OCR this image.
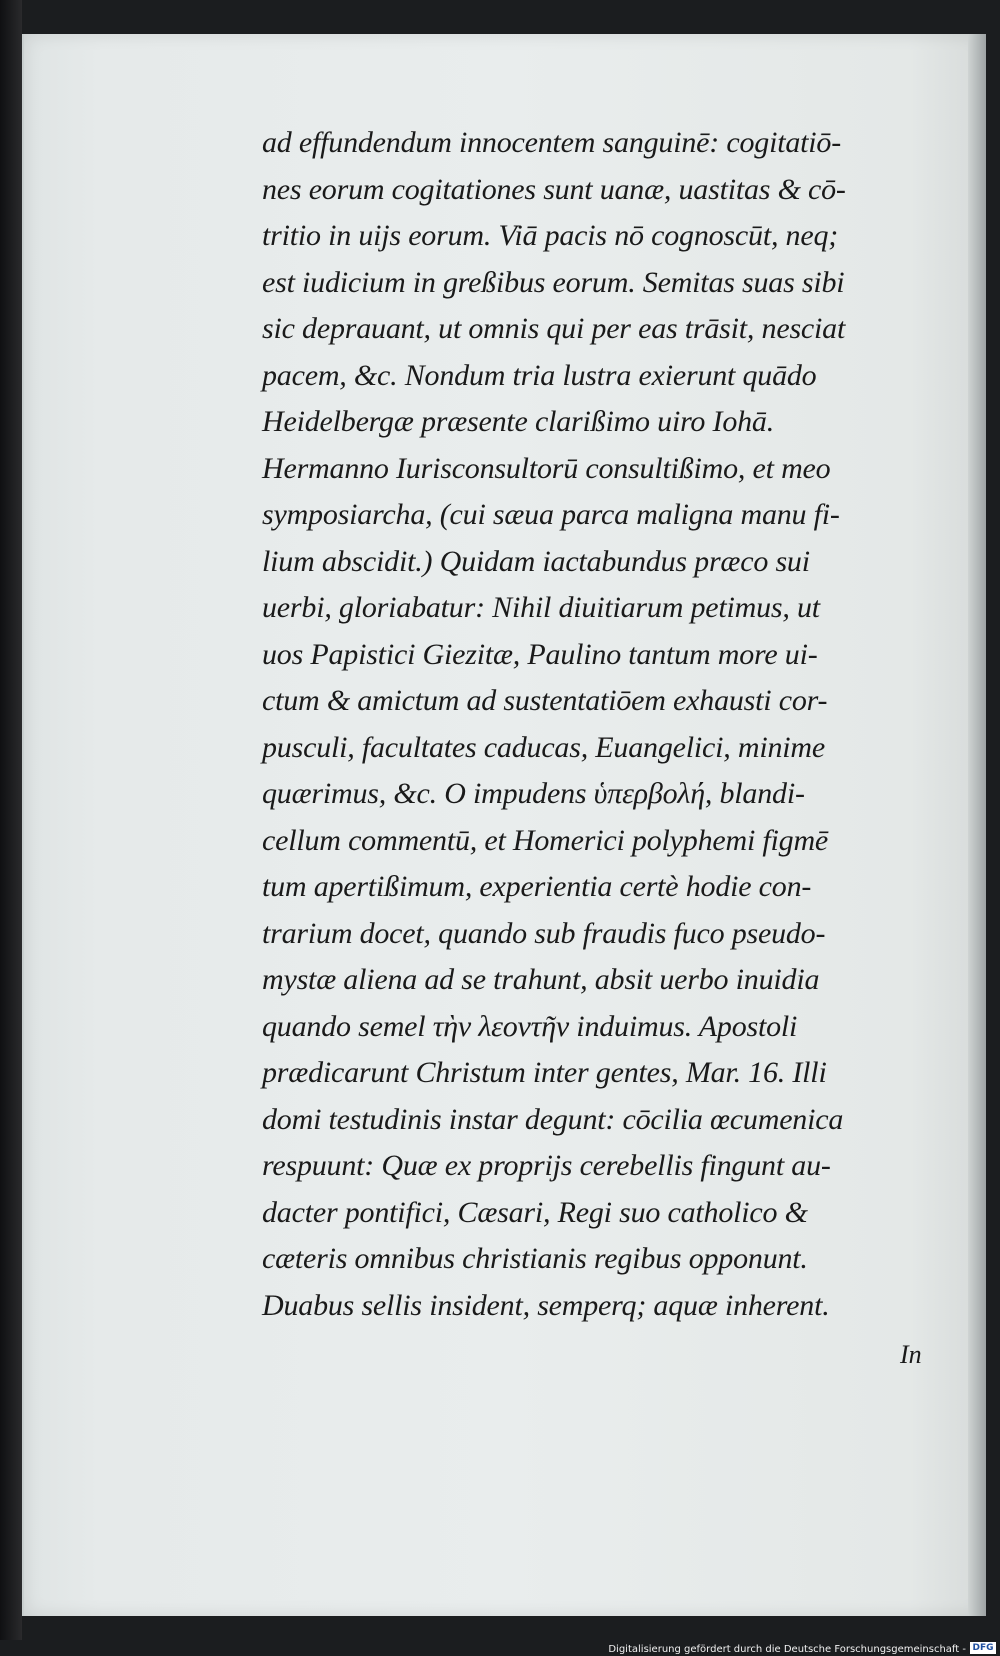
ad effundendum innocentem sanguinē: cogitatiō-
nes eorum cogitationes sunt uanæ, uastitas & cō-
tritio in uijs eorum. Viā pacis nō cognoscūt, neq;
est iudicium in greßibus eorum. Semitas suas sibi
sic deprauant, ut omnis qui per eas trāsit, nesciat
pacem, &c. Nondum tria lustra exierunt quādo
Heidelbergæ præsente clarißimo uiro Iohā.
Hermanno Iurisconsultorū consultißimo, et meo
symposiarcha, (cui sæua parca maligna manu fi-
lium abscidit.) Quidam iactabundus præco sui
uerbi, gloriabatur: Nihil diuitiarum petimus, ut
uos Papistici Giezitæ, Paulino tantum more ui-
ctum & amictum ad sustentatiōem exhausti cor-
pusculi, facultates caducas, Euangelici, minime
quærimus, &c. O impudens ὑπερβολή, blandi-
cellum commentū, et Homerici polyphemi figmē
tum apertißimum, experientia certè hodie con-
trarium docet, quando sub fraudis fuco pseudo-
mystæ aliena ad se trahunt, absit uerbo inuidia
quando semel τὴν λεοντῆν induimus. Apostoli
prædicarunt Christum inter gentes, Mar. 16. Illi
domi testudinis instar degunt: cōcilia œcumenica
respuunt: Quæ ex proprijs cerebellis fingunt au-
dacter pontifici, Cæsari, Regi suo catholico &
cæteris omnibus christianis regibus opponunt.
Duabus sellis insident, semperq; aquæ inherent.
In
Digitalisierung gefördert durch die Deutsche Forschungsgemeinschaft - DFG
